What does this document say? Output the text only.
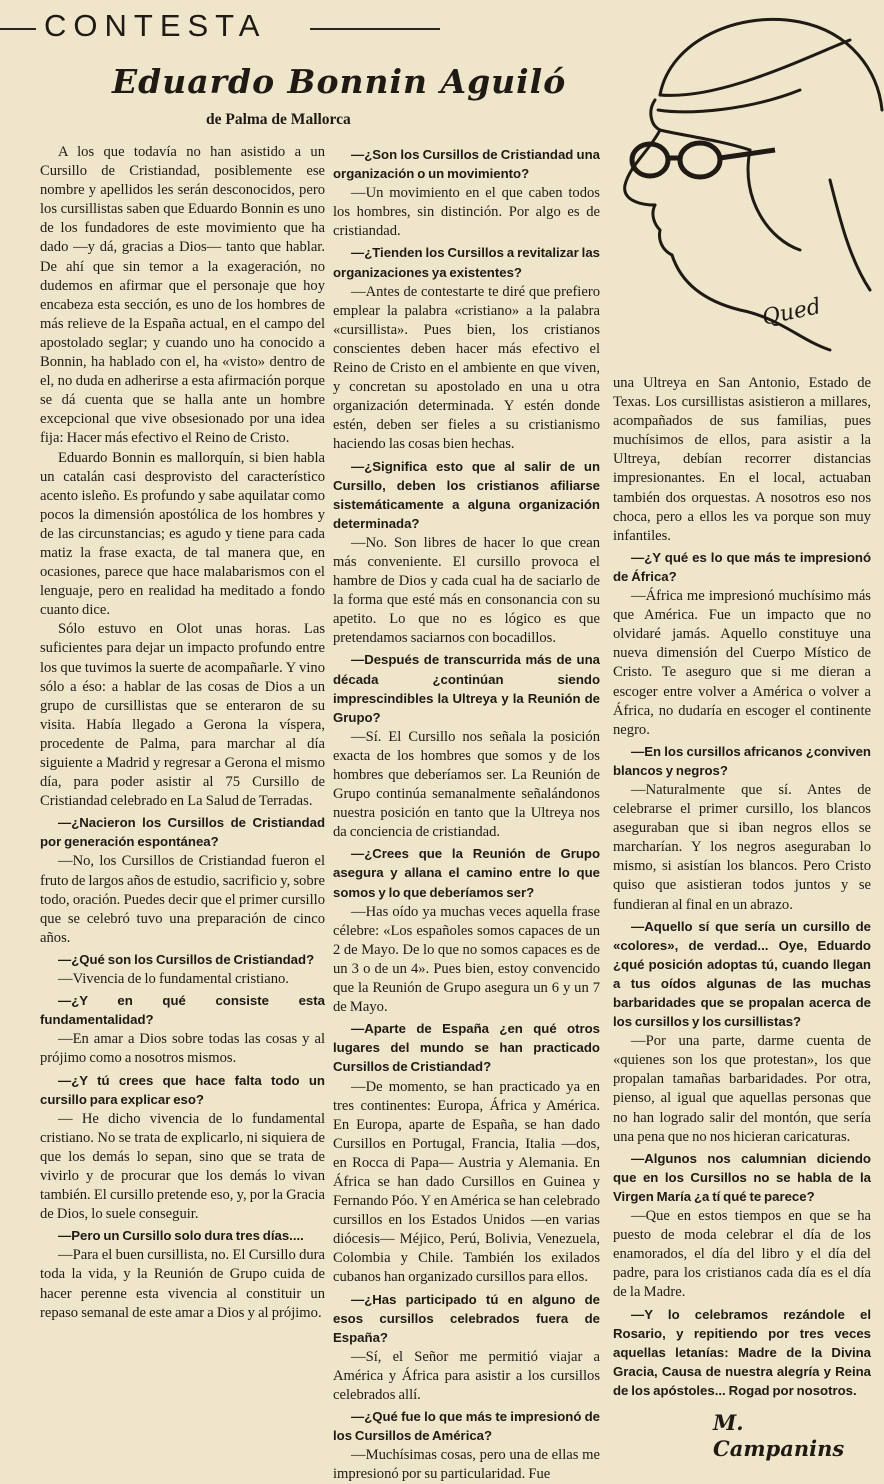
CONTESTA
Eduardo Bonnin Aguiló
de Palma de Mallorca
Qued

A los que todavía no han asistido a un Cursillo de Cristiandad, posiblemente ese nombre y apellidos les serán desconocidos, pero los cursillistas saben que Eduardo Bonnin es uno de los fundadores de este movimiento que ha dado —y dá, gracias a Dios— tanto que hablar. De ahí que sin temor a la exageración, no dudemos en afirmar que el personaje que hoy encabeza esta sección, es uno de los hombres de más relieve de la España actual, en el campo del apostolado seglar; y cuando uno ha conocido a Bonnin, ha hablado con el, ha «visto» dentro de el, no duda en adherirse a esta afirmación porque se dá cuenta que se halla ante un hombre excepcional que vive obsesionado por una idea fija: Hacer más efectivo el Reino de Cristo.

Eduardo Bonnin es mallorquín, si bien habla un catalán casi desprovisto del característico acento isleño. Es profundo y sabe aquilatar como pocos la dimensión apostólica de los hombres y de las circunstancias; es agudo y tiene para cada matiz la frase exacta, de tal manera que, en ocasiones, parece que hace malabarismos con el lenguaje, pero en realidad ha meditado a fondo cuanto dice.

Sólo estuvo en Olot unas horas. Las suficientes para dejar un impacto profundo entre los que tuvimos la suerte de acompañarle. Y vino sólo a éso: a hablar de las cosas de Dios a un grupo de cursillistas que se enteraron de su visita. Había llegado a Gerona la víspera, procedente de Palma, para marchar al día siguiente a Madrid y regresar a Gerona el mismo día, para poder asistir al 75 Cursillo de Cristiandad celebrado en La Salud de Terradas.

—¿Nacieron los Cursillos de Cristiandad por generación espontánea?

—No, los Cursillos de Cristiandad fueron el fruto de largos años de estudio, sacrificio y, sobre todo, oración. Puedes decir que el primer cursillo que se celebró tuvo una preparación de cinco años.

—¿Qué son los Cursillos de Cristiandad?

—Vivencia de lo fundamental cristiano.

—¿Y en qué consiste esta fundamentalidad?

—En amar a Dios sobre todas las cosas y al prójimo como a nosotros mismos.

—¿Y tú crees que hace falta todo un cursillo para explicar eso?

— He dicho vivencia de lo fundamental cristiano. No se trata de explicarlo, ni siquiera de que los demás lo sepan, sino que se trata de vivirlo y de procurar que los demás lo vivan también. El cursillo pretende eso, y, por la Gracia de Dios, lo suele conseguir.

—Pero un Cursillo solo dura tres días....

—Para el buen cursillista, no. El Cursillo dura toda la vida, y la Reunión de Grupo cuida de hacer perenne esta vivencia al constituir un repaso semanal de este amar a Dios y al prójimo.

—¿Son los Cursillos de Cristiandad una organización o un movimiento?

—Un movimiento en el que caben todos los hombres, sin distinción. Por algo es de cristiandad.

—¿Tienden los Cursillos a revitalizar las organizaciones ya existentes?

—Antes de contestarte te diré que prefiero emplear la palabra «cristiano» a la palabra «cursillista». Pues bien, los cristianos conscientes deben hacer más efectivo el Reino de Cristo en el ambiente en que viven, y concretan su apostolado en una u otra organización determinada. Y estén donde estén, deben ser fieles a su cristianismo haciendo las cosas bien hechas.

—¿Significa esto que al salir de un Cursillo, deben los cristianos afiliarse sistemáticamente a alguna organización determinada?

—No. Son libres de hacer lo que crean más conveniente. El cursillo provoca el hambre de Dios y cada cual ha de saciarlo de la forma que esté más en consonancia con su apetito. Lo que no es lógico es que pretendamos saciarnos con bocadillos.

—Después de transcurrida más de una década ¿continúan siendo imprescindibles la Ultreya y la Reunión de Grupo?

—Sí. El Cursillo nos señala la posición exacta de los hombres que somos y de los hombres que deberíamos ser. La Reunión de Grupo continúa semanalmente señalándonos nuestra posición en tanto que la Ultreya nos da conciencia de cristiandad.

—¿Crees que la Reunión de Grupo asegura y allana el camino entre lo que somos y lo que deberíamos ser?

—Has oído ya muchas veces aquella frase célebre: «Los españoles somos capaces de un 2 de Mayo. De lo que no somos capaces es de un 3 o de un 4». Pues bien, estoy convencido que la Reunión de Grupo asegura un 6 y un 7 de Mayo.

—Aparte de España ¿en qué otros lugares del mundo se han practicado Cursillos de Cristiandad?

—De momento, se han practicado ya en tres continentes: Europa, África y América. En Europa, aparte de España, se han dado Cursillos en Portugal, Francia, Italia —dos, en Rocca di Papa— Austria y Alemania. En África se han dado Cursillos en Guinea y Fernando Póo. Y en América se han celebrado cursillos en los Estados Unidos —en varias diócesis— Méjico, Perú, Bolivia, Venezuela, Colombia y Chile. También los exilados cubanos han organizado cursillos para ellos.

—¿Has participado tú en alguno de esos cursillos celebrados fuera de España?

—Sí, el Señor me permitió viajar a América y África para asistir a los cursillos celebrados allí.

—¿Qué fue lo que más te impresionó de los Cursillos de América?

—Muchísimas cosas, pero una de ellas me impresionó por su particularidad. Fue

una Ultreya en San Antonio, Estado de Texas. Los cursillistas asistieron a millares, acompañados de sus familias, pues muchísimos de ellos, para asistir a la Ultreya, debían recorrer distancias impresionantes. En el local, actuaban también dos orquestas. A nosotros eso nos choca, pero a ellos les va porque son muy infantiles.

—¿Y qué es lo que más te impresionó de África?

—África me impresionó muchísimo más que América. Fue un impacto que no olvidaré jamás. Aquello constituye una nueva dimensión del Cuerpo Místico de Cristo. Te aseguro que si me dieran a escoger entre volver a América o volver a África, no dudaría en escoger el continente negro.

—En los cursillos africanos ¿conviven blancos y negros?

—Naturalmente que sí. Antes de celebrarse el primer cursillo, los blancos aseguraban que si iban negros ellos se marcharían. Y los negros aseguraban lo mismo, si asistían los blancos. Pero Cristo quiso que asistieran todos juntos y se fundieran al final en un abrazo.

—Aquello sí que sería un cursillo de «colores», de verdad... Oye, Eduardo ¿qué posición adoptas tú, cuando llegan a tus oídos algunas de las muchas barbaridades que se propalan acerca de los cursillos y los cursillistas?

—Por una parte, darme cuenta de «quienes son los que protestan», los que propalan tamañas barbaridades. Por otra, pienso, al igual que aquellas personas que no han logrado salir del montón, que sería una pena que no nos hicieran caricaturas.

—Algunos nos calumnian diciendo que en los Cursillos no se habla de la Virgen María ¿a tí qué te parece?

—Que en estos tiempos en que se ha puesto de moda celebrar el día de los enamorados, el día del libro y el día del padre, para los cristianos cada día es el día de la Madre.

—Y lo celebramos rezándole el Rosario, y repitiendo por tres veces aquellas letanías: Madre de la Divina Gracia, Causa de nuestra alegría y Reina de los apóstoles... Rogad por nosotros.

M. Campanins
